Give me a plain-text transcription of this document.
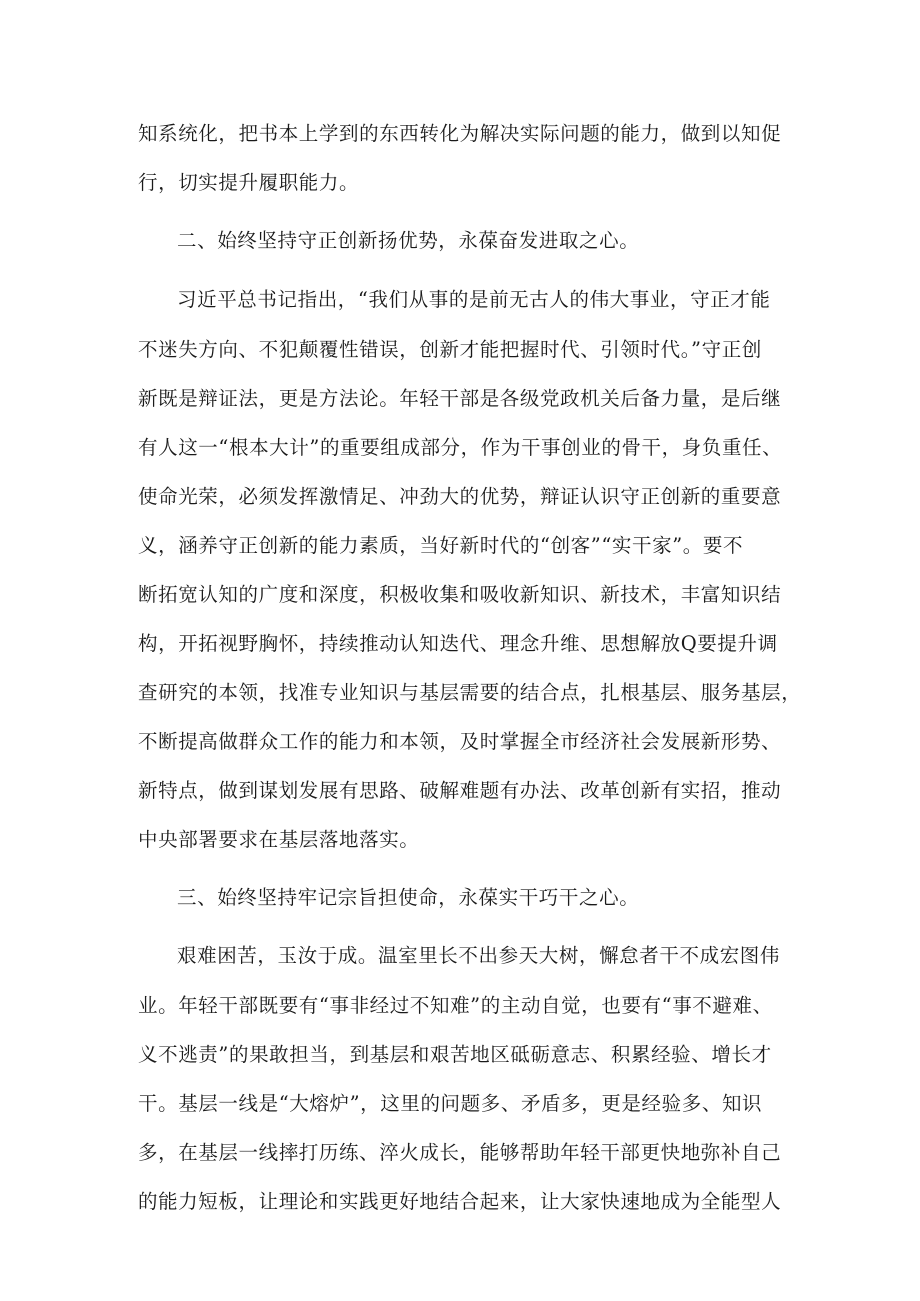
知系统化，把书本上学到的东西转化为解决实际问题的能力，做到以知促
行，切实提升履职能力。
二、始终坚持守正创新扬优势，永葆奋发进取之心。
习近平总书记指出，“我们从事的是前无古人的伟大事业，守正才能
不迷失方向、不犯颠覆性错误，创新才能把握时代、引领时代。”守正创
新既是辩证法，更是方法论。年轻干部是各级党政机关后备力量，是后继
有人这一“根本大计”的重要组成部分，作为干事创业的骨干，身负重任、
使命光荣，必须发挥激情足、冲劲大的优势，辩证认识守正创新的重要意
义，涵养守正创新的能力素质，当好新时代的“创客”“实干家”。要不
断拓宽认知的广度和深度，积极收集和吸收新知识、新技术，丰富知识结
构，开拓视野胸怀，持续推动认知迭代、理念升维、思想解放Q要提升调
查研究的本领，找准专业知识与基层需要的结合点，扎根基层、服务基层，
不断提高做群众工作的能力和本领，及时掌握全市经济社会发展新形势、
新特点，做到谋划发展有思路、破解难题有办法、改革创新有实招，推动
中央部署要求在基层落地落实。
三、始终坚持牢记宗旨担使命，永葆实干巧干之心。
艰难困苦，玉汝于成。温室里长不出参天大树，懈怠者干不成宏图伟
业。年轻干部既要有“事非经过不知难”的主动自觉，也要有“事不避难、
义不逃责”的果敢担当，到基层和艰苦地区砥砺意志、积累经验、增长才
干。基层一线是“大熔炉”，这里的问题多、矛盾多，更是经验多、知识
多，在基层一线摔打历练、淬火成长，能够帮助年轻干部更快地弥补自己
的能力短板，让理论和实践更好地结合起来，让大家快速地成为全能型人
